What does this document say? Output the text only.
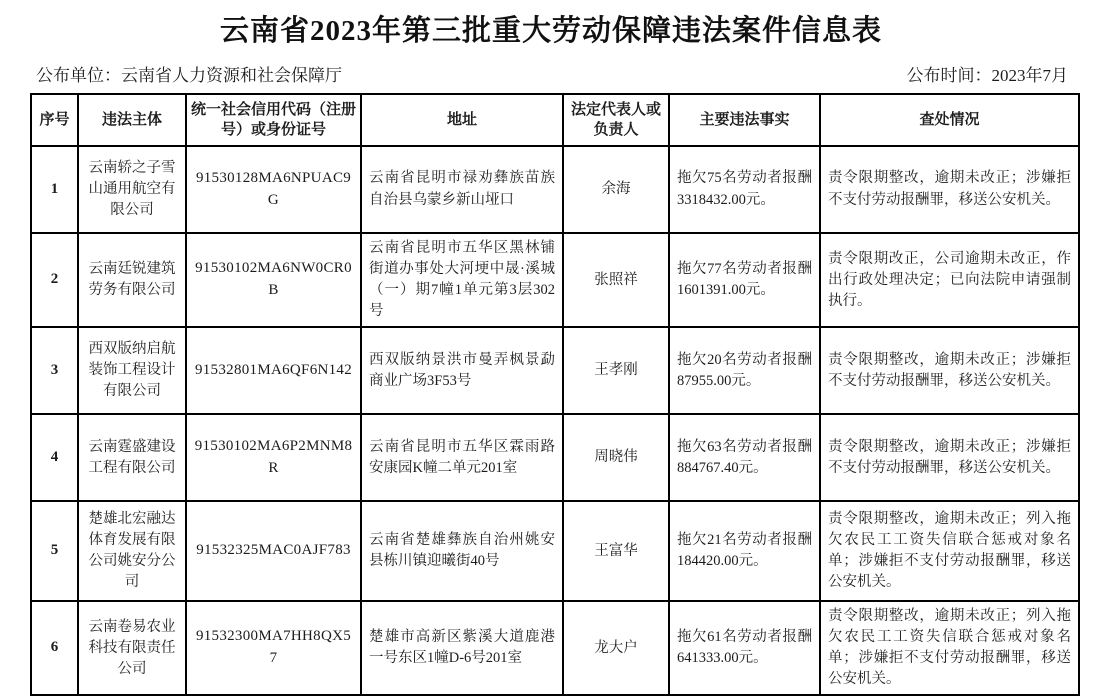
云南省2023年第三批重大劳动保障违法案件信息表
公布单位：云南省人力资源和社会保障厅	公布时间：2023年7月
序号	违法主体	统一社会信用代码（注册号）或身份证号	地址	法定代表人或负责人	主要违法事实	查处情况
1	云南轿之子雪山通用航空有限公司	91530128MA6NPUAC9G	云南省昆明市禄劝彝族苗族自治县乌蒙乡新山垭口	余海	拖欠75名劳动者报酬3318432.00元。	责令限期整改，逾期未改正；涉嫌拒不支付劳动报酬罪，移送公安机关。
2	云南廷锐建筑劳务有限公司	91530102MA6NW0CR0B	云南省昆明市五华区黑林铺街道办事处大河埂中晟·溪城（一）期7幢1单元第3层302号	张照祥	拖欠77名劳动者报酬1601391.00元。	责令限期改正，公司逾期未改正，作出行政处理决定；已向法院申请强制执行。
3	西双版纳启航装饰工程设计有限公司	91532801MA6QF6N142	西双版纳景洪市曼弄枫景勐商业广场3F53号	王孝刚	拖欠20名劳动者报酬87955.00元。	责令限期整改，逾期未改正；涉嫌拒不支付劳动报酬罪，移送公安机关。
4	云南霆盛建设工程有限公司	91530102MA6P2MNM8R	云南省昆明市五华区霖雨路安康园K幢二单元201室	周晓伟	拖欠63名劳动者报酬884767.40元。	责令限期整改，逾期未改正；涉嫌拒不支付劳动报酬罪，移送公安机关。
5	楚雄北宏融达体育发展有限公司姚安分公司	91532325MAC0AJF783	云南省楚雄彝族自治州姚安县栋川镇迎曦街40号	王富华	拖欠21名劳动者报酬184420.00元。	责令限期整改，逾期未改正；列入拖欠农民工工资失信联合惩戒对象名单；涉嫌拒不支付劳动报酬罪，移送公安机关。
6	云南卷易农业科技有限责任公司	91532300MA7HH8QX57	楚雄市高新区紫溪大道鹿港一号东区1幢D-6号201室	龙大户	拖欠61名劳动者报酬641333.00元。	责令限期整改，逾期未改正；列入拖欠农民工工资失信联合惩戒对象名单；涉嫌拒不支付劳动报酬罪，移送公安机关。
